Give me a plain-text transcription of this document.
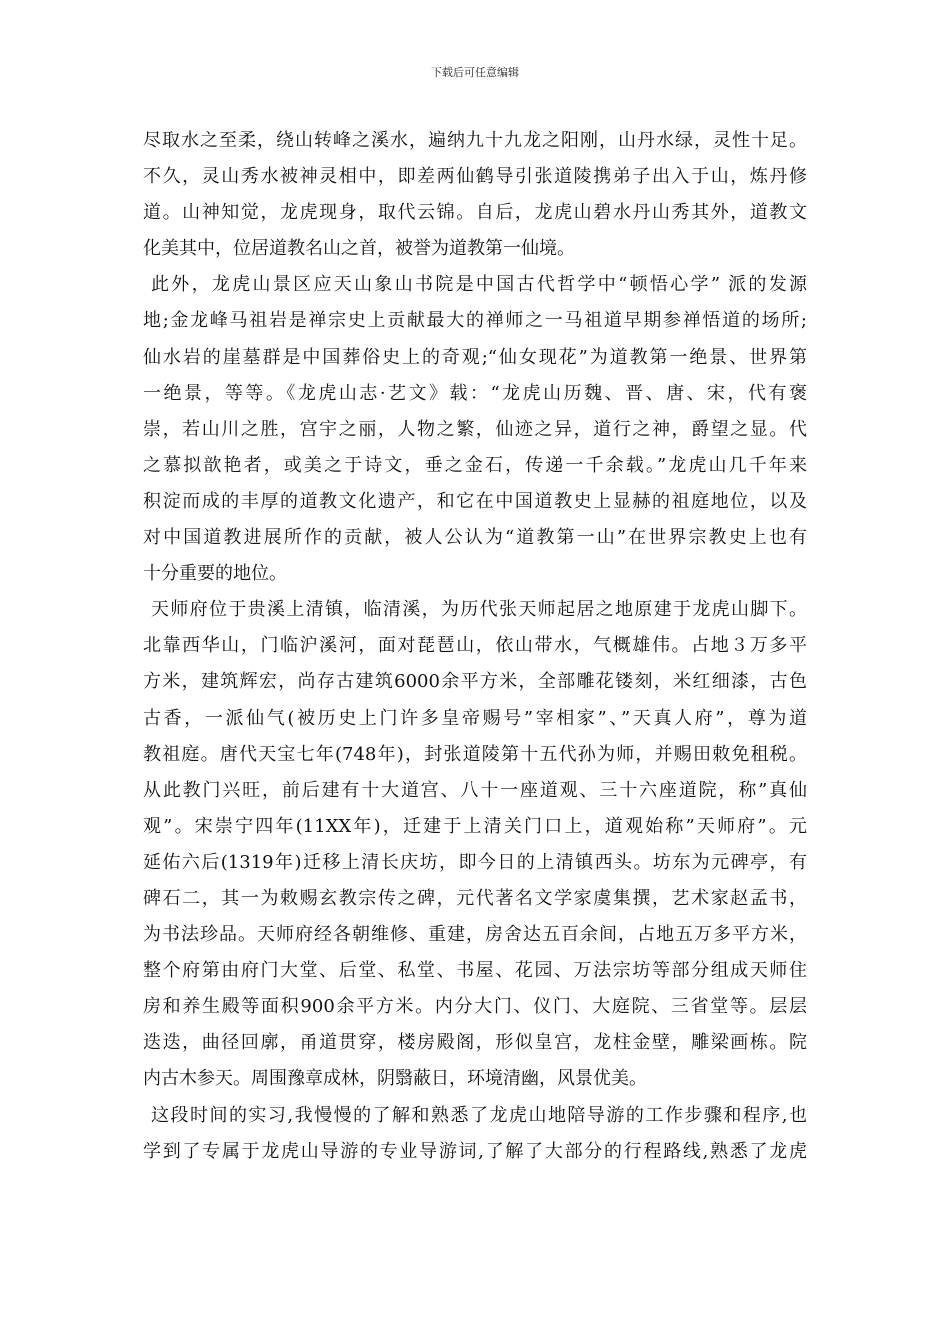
下载后可任意编辑
尽取水之至柔，绕山转峰之溪水，遍纳九十九龙之阳刚，山丹水绿，灵性十足。
不久，灵山秀水被神灵相中，即差两仙鹤导引张道陵携弟子出入于山，炼丹修
道。山神知觉，龙虎现身，取代云锦。自后，龙虎山碧水丹山秀其外，道教文
化美其中，位居道教名山之首，被誉为道教第一仙境。
此外，龙虎山景区应天山象山书院是中国古代哲学中“顿悟心学” 派的发源
地;金龙峰马祖岩是禅宗史上贡献最大的禅师之一马祖道早期参禅悟道的场所;
仙水岩的崖墓群是中国葬俗史上的奇观;“仙女现花”为道教第一绝景、世界第
一绝景，等等。《龙虎山志·艺文》载：“龙虎山历魏、晋、唐、宋，代有褒
崇，若山川之胜，宫宇之丽，人物之繁，仙迹之异，道行之神，爵望之显。代
之慕拟歆艳者，或美之于诗文，垂之金石，传递一千余载。”龙虎山几千年来
积淀而成的丰厚的道教文化遗产，和它在中国道教史上显赫的祖庭地位，以及
对中国道教进展所作的贡献，被人公认为“道教第一山”在世界宗教史上也有
十分重要的地位。
天师府位于贵溪上清镇，临清溪，为历代张天师起居之地原建于龙虎山脚下。
北靠西华山，门临沪溪河，面对琵琶山，依山带水，气概雄伟。占地３万多平
方米，建筑辉宏，尚存古建筑6000余平方米，全部雕花镂刻，米红细漆，古色
古香，一派仙气(被历史上门许多皇帝赐号”宰相家”、”天真人府”，尊为道
教祖庭。唐代天宝七年(748年)，封张道陵第十五代孙为师，并赐田敕免租税。
从此教门兴旺，前后建有十大道宫、八十一座道观、三十六座道院，称”真仙
观”。宋崇宁四年(11XX年)，迁建于上清关门口上，道观始称”天师府”。元
延佑六后(1319年)迁移上清长庆坊，即今日的上清镇西头。坊东为元碑亭，有
碑石二，其一为敕赐玄教宗传之碑，元代著名文学家虞集撰，艺术家赵孟书，
为书法珍品。天师府经各朝维修、重建，房舍达五百余间，占地五万多平方米，
整个府第由府门大堂、后堂、私堂、书屋、花园、万法宗坊等部分组成天师住
房和养生殿等面积900余平方米。内分大门、仪门、大庭院、三省堂等。层层
迭迭，曲径回廓，甬道贯穿，楼房殿阁，形似皇宫，龙柱金壁，雕梁画栋。院
内古木参天。周围豫章成林，阴翳蔽日，环境清幽，风景优美。
这段时间的实习,我慢慢的了解和熟悉了龙虎山地陪导游的工作步骤和程序,也
学到了专属于龙虎山导游的专业导游词,了解了大部分的行程路线,熟悉了龙虎
